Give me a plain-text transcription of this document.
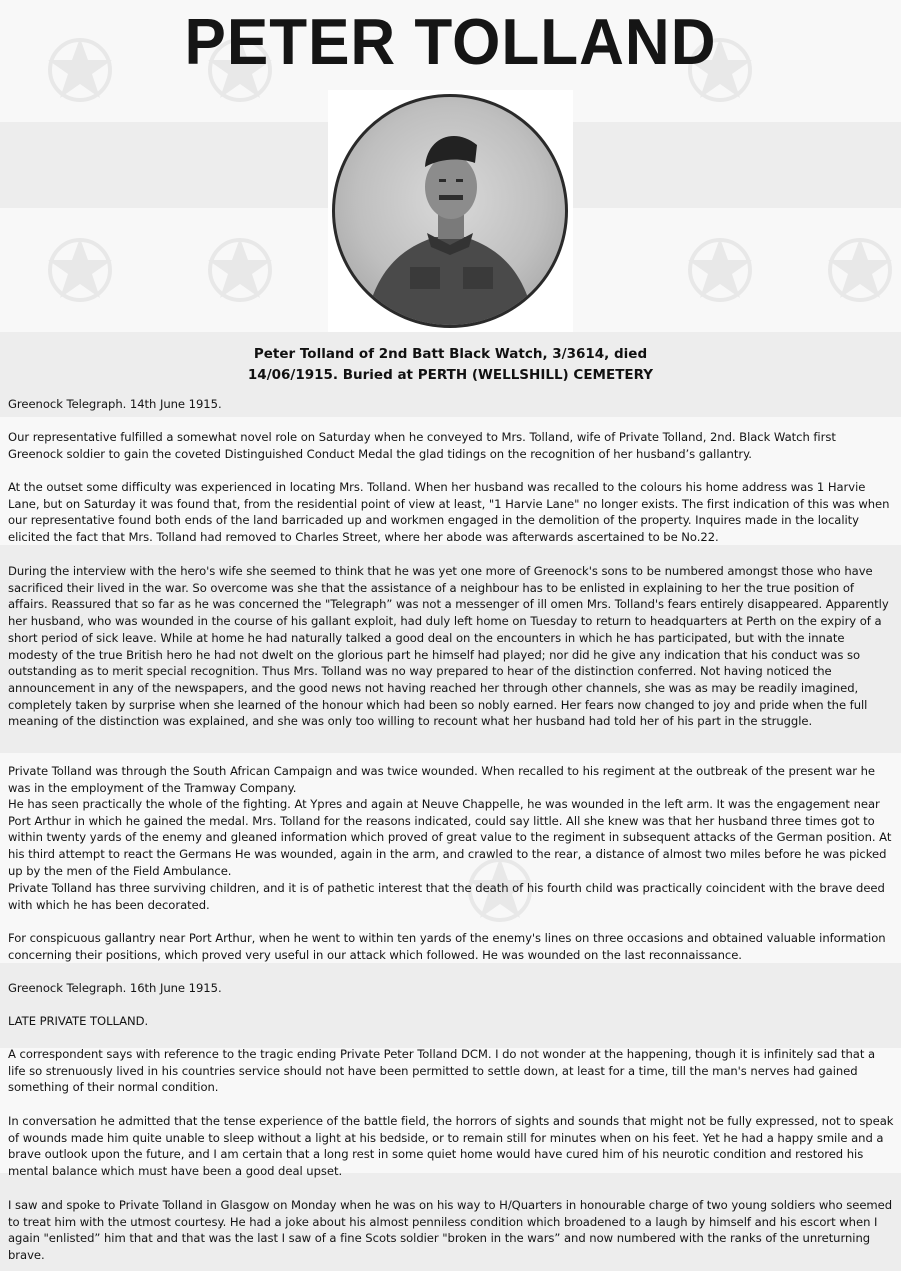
PETER TOLLAND
Peter Tolland of 2nd Batt Black Watch, 3/3614, died
14/06/1915. Buried at PERTH (WELLSHILL) CEMETERY
Greenock Telegraph. 14th June 1915.
Our representative fulfilled a somewhat novel role on Saturday when he conveyed to Mrs. Tolland, wife of Private Tolland, 2nd. Black Watch first Greenock soldier to gain the coveted Distinguished Conduct Medal the glad tidings on the recognition of her husband’s gallantry.
At the outset some difficulty was experienced in locating Mrs. Tolland. When her husband was recalled to the colours his home address was 1 Harvie Lane, but on Saturday it was found that, from the residential point of view at least, "1 Harvie Lane" no longer exists. The first indication of this was when our representative found both ends of the land barricaded up and workmen engaged in the demolition of the property. Inquires made in the locality elicited the fact that Mrs. Tolland had removed to Charles Street, where her abode was afterwards ascertained to be No.22.
During the interview with the hero's wife she seemed to think that he was yet one more of Greenock's sons to be numbered amongst those who have sacrificed their lived in the war. So overcome was she that the assistance of a neighbour has to be enlisted in explaining to her the true position of affairs. Reassured that so far as he was concerned the "Telegraph” was not a messenger of ill omen Mrs. Tolland's fears entirely disappeared. Apparently her husband, who was wounded in the course of his gallant exploit, had duly left home on Tuesday to return to headquarters at Perth on the expiry of a short period of sick leave. While at home he had naturally talked a good deal on the encounters in which he has participated, but with the innate modesty of the true British hero he had not dwelt on the glorious part he himself had played; nor did he give any indication that his conduct was so outstanding as to merit special recognition. Thus Mrs. Tolland was no way prepared to hear of the distinction conferred. Not having noticed the announcement in any of the newspapers, and the good news not having reached her through other channels, she was as may be readily imagined, completely taken by surprise when she learned of the honour which had been so nobly earned. Her fears now changed to joy and pride when the full meaning of the distinction was explained, and she was only too willing to recount what her husband had told her of his part in the struggle.
Private Tolland was through the South African Campaign and was twice wounded. When recalled to his regiment at the outbreak of the present war he was in the employment of the Tramway Company.
He has seen practically the whole of the fighting. At Ypres and again at Neuve Chappelle, he was wounded in the left arm. It was the engagement near Port Arthur in which he gained the medal. Mrs. Tolland for the reasons indicated, could say little. All she knew was that her husband three times got to within twenty yards of the enemy and gleaned information which proved of great value to the regiment in subsequent attacks of the German position. At his third attempt to react the Germans He was wounded, again in the arm, and crawled to the rear, a distance of almost two miles before he was picked up by the men of the Field Ambulance.
Private Tolland has three surviving children, and it is of pathetic interest that the death of his fourth child was practically coincident with the brave deed with which he has been decorated.
For conspicuous gallantry near Port Arthur, when he went to within ten yards of the enemy's lines on three occasions and obtained valuable information concerning their positions, which proved very useful in our attack which followed. He was wounded on the last reconnaissance.
Greenock Telegraph. 16th June 1915.
LATE PRIVATE TOLLAND.
A correspondent says with reference to the tragic ending Private Peter Tolland DCM. I do not wonder at the happening, though it is infinitely sad that a life so strenuously lived in his countries service should not have been permitted to settle down, at least for a time, till the man's nerves had gained something of their normal condition.
In conversation he admitted that the tense experience of the battle field, the horrors of sights and sounds that might not be fully expressed, not to speak of wounds made him quite unable to sleep without a light at his bedside, or to remain still for minutes when on his feet. Yet he had a happy smile and a brave outlook upon the future, and I am certain that a long rest in some quiet home would have cured him of his neurotic condition and restored his mental balance which must have been a good deal upset.
I saw and spoke to Private Tolland in Glasgow on Monday when he was on his way to H/Quarters in honourable charge of two young soldiers who seemed to treat him with the utmost courtesy. He had a joke about his almost penniless condition which broadened to a laugh by himself and his escort when I again "enlisted” him that and that was the last I saw of a fine Scots soldier "broken in the wars” and now numbered with the ranks of the unreturning brave.
